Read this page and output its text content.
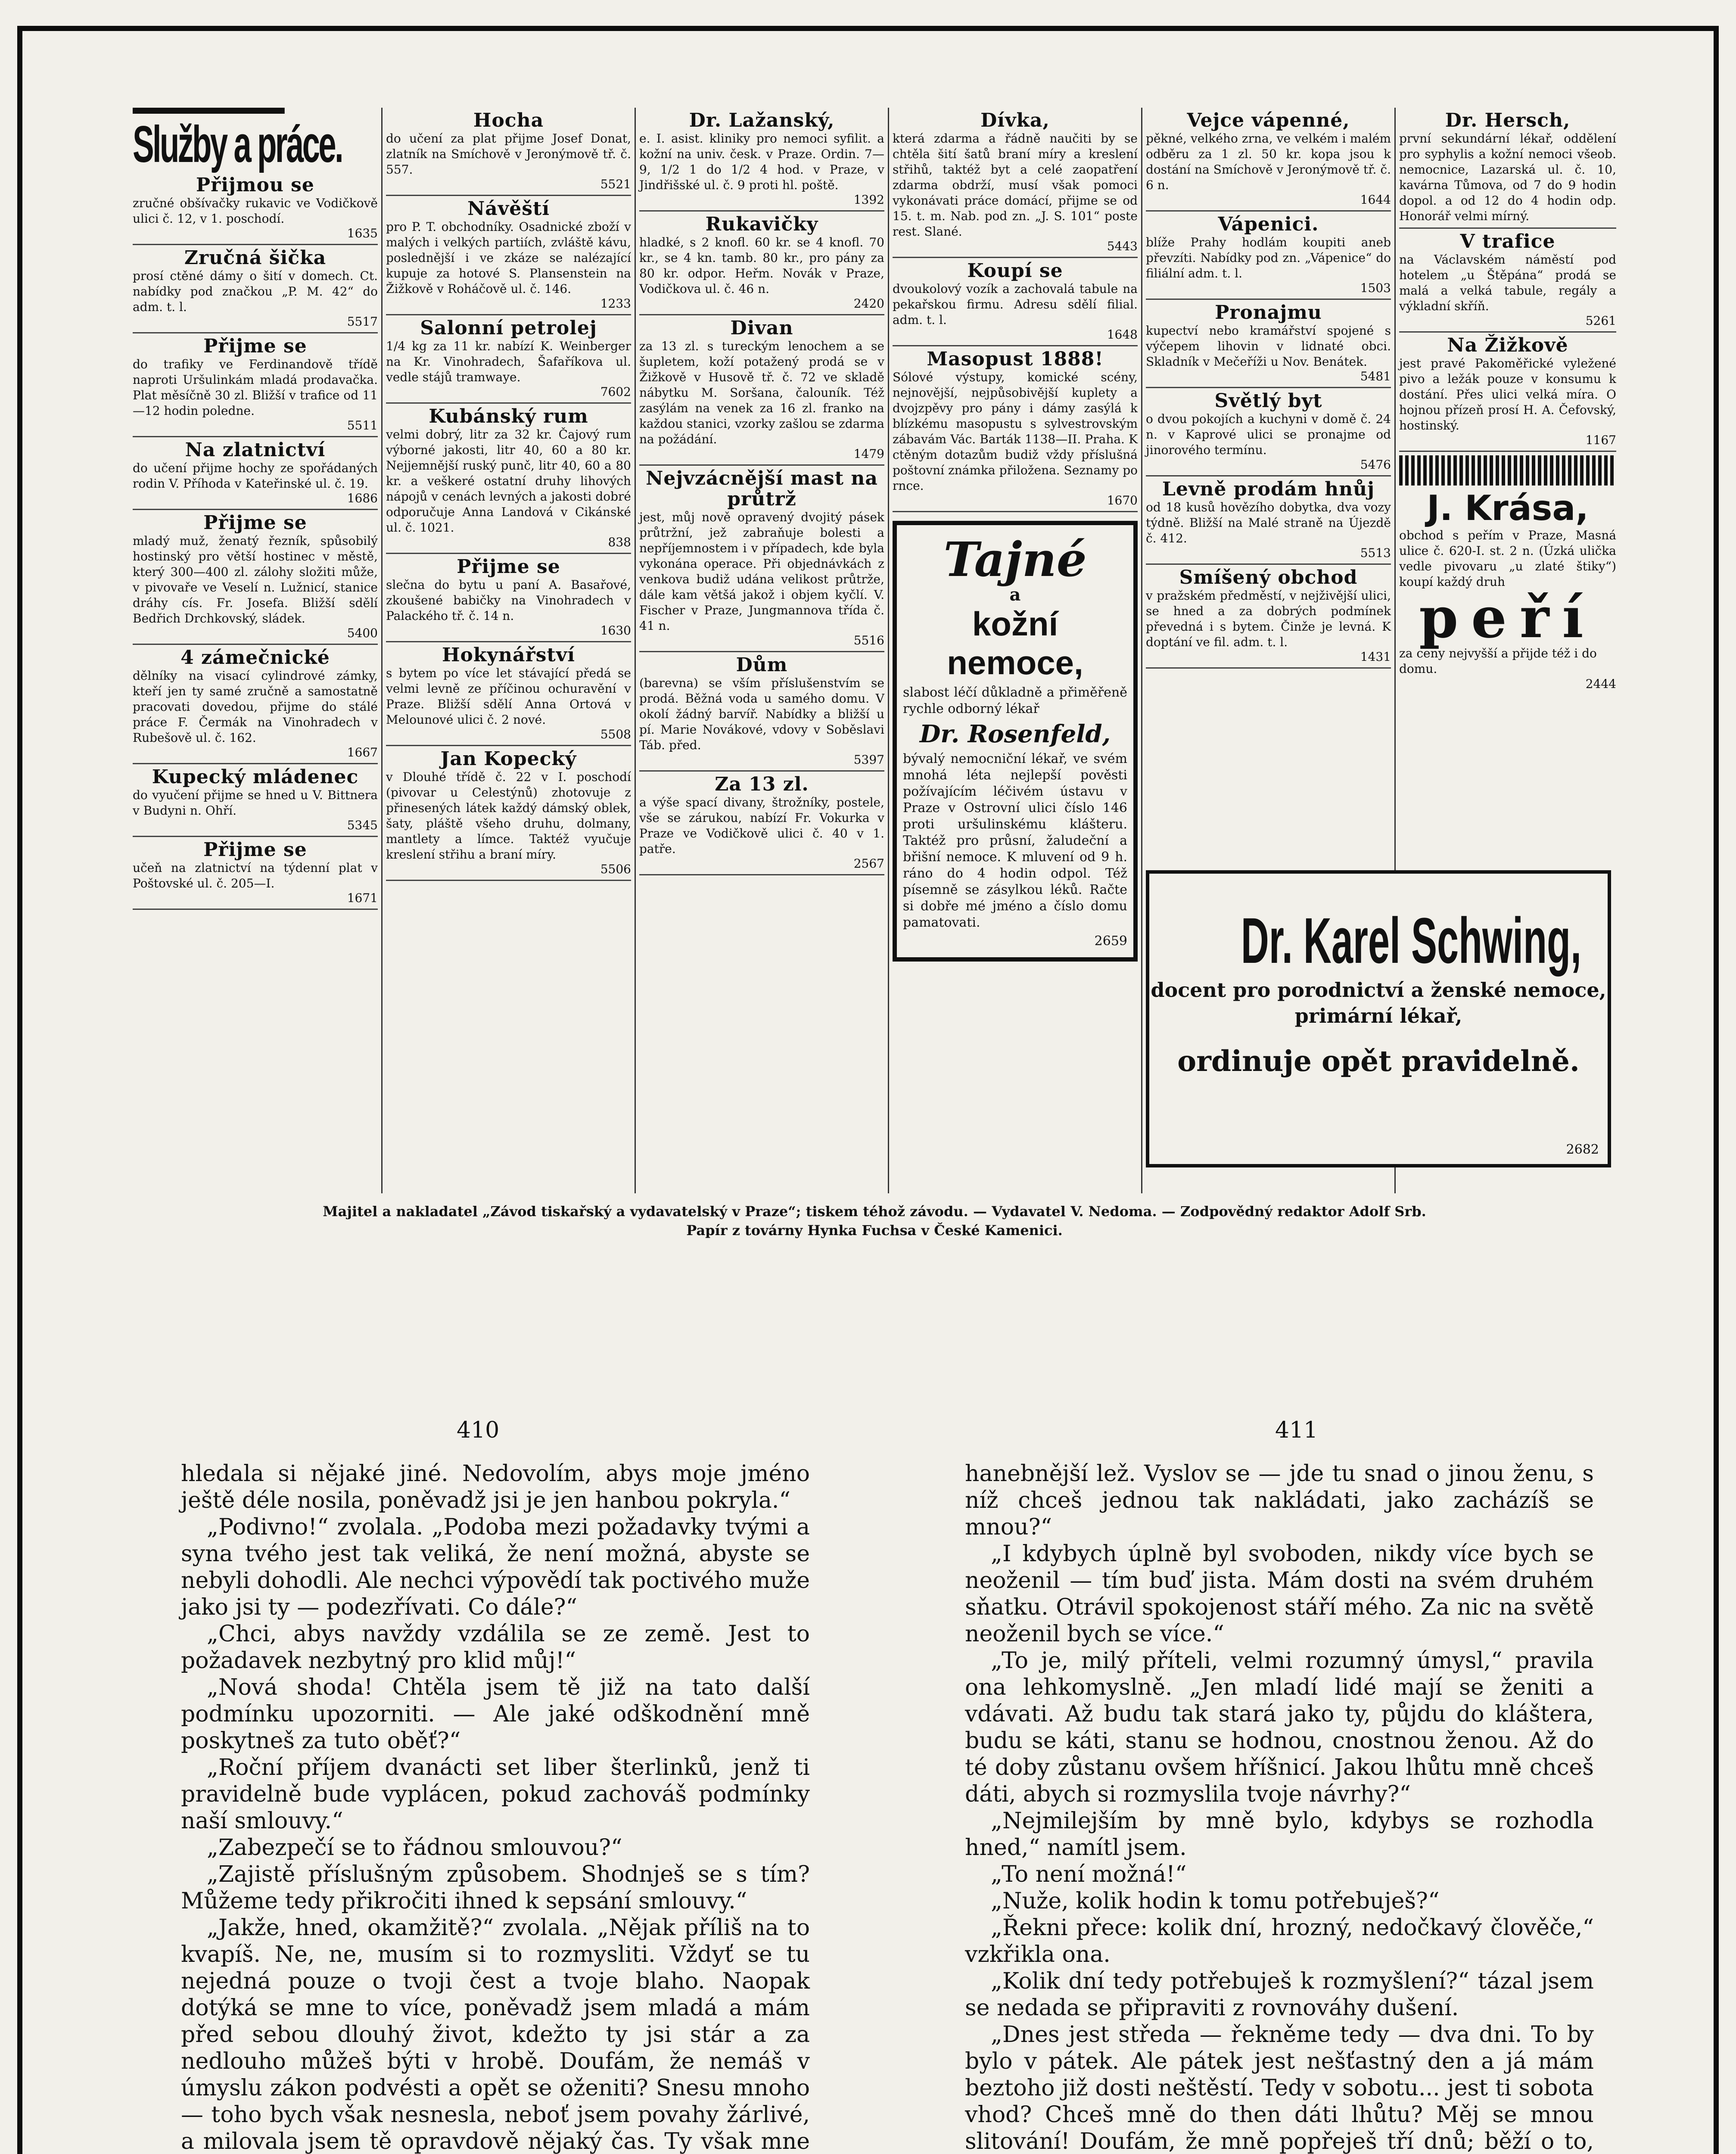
Služby a práce.
Přijmou se

zručné obšívačky rukavic ve Vodičkově ulici č. 12, v 1. poschodí.

1635
Zručná šička

prosí ctěné dámy o šití v domech. Ct. nabídky pod značkou „P. M. 42“ do adm. t. l.

5517
Přijme se

do trafiky ve Ferdinandově třídě naproti Uršulinkám mladá prodavačka. Plat měsíčně 30 zl. Bližší v trafice od 11—12 hodin poledne.

5511
Na zlatnictví

do učení přijme hochy ze spořádaných rodin V. Příhoda v Kateřinské ul. č. 19.

1686
Přijme se

mladý muž, ženatý řezník, spůsobilý hostinský pro větší hostinec v městě, který 300—400 zl. zálohy složiti může, v pivovaře ve Veselí n. Lužnicí, stanice dráhy cís. Fr. Josefa. Bližší sdělí Bedřich Drchkovský, sládek.

5400
4 zámečnické

dělníky na visací cylindrové zámky, kteří jen ty samé zručně a samostatně pracovati dovedou, přijme do stálé práce F. Čermák na Vinohradech v Rubešově ul. č. 162.

1667
Kupecký mládenec

do vyučení přijme se hned u V. Bittnera v Budyni n. Ohří.

5345
Přijme se

učeň na zlatnictví na týdenní plat v Poštovské ul. č. 205—I.

1671
Hocha

do učení za plat přijme Josef Donat, zlatník na Smíchově v Jeronýmově tř. č. 557.

5521
Návěští

pro P. T. obchodníky. Osadnické zboží v malých i velkých partiích, zvláště kávu, poslednější i ve zkáze se nalézající kupuje za hotové S. Plansenstein na Žižkově v Roháčově ul. č. 146.

1233
Salonní petrolej

1/4 kg za 11 kr. nabízí K. Weinberger na Kr. Vinohradech, Šafaříkova ul. vedle stájů tramwaye.

7602
Kubánský rum

velmi dobrý, litr za 32 kr. Čajový rum výborné jakosti, litr 40, 60 a 80 kr. Nejjemnější ruský punč, litr 40, 60 a 80 kr. a veškeré ostatní druhy lihových nápojů v cenách levných a jakosti dobré odporučuje Anna Landová v Cikánské ul. č. 1021.

838
Přijme se

slečna do bytu u paní A. Basařové, zkoušené babičky na Vinohradech v Palackého tř. č. 14 n.

1630
Hokynářství

s bytem po více let stávající předá se velmi levně ze příčinou ochuravění v Praze. Bližší sdělí Anna Ortová v Melounové ulici č. 2 nové.

5508
Jan Kopecký

v Dlouhé třídě č. 22 v I. poschodí (pivovar u Celestýnů) zhotovuje z přinesených látek každý dámský oblek, šaty, pláště všeho druhu, dolmany, mantlety a límce. Taktéž vyučuje kreslení střihu a braní míry.

5506
Dr. Lažanský,

e. I. asist. kliniky pro nemoci syfilit. a kožní na univ. česk. v Praze. Ordin. 7—9, 1/2 1 do 1/2 4 hod. v Praze, v Jindřišské ul. č. 9 proti hl. poště.

1392
Rukavičky

hladké, s 2 knofl. 60 kr. se 4 knofl. 70 kr., se 4 kn. tamb. 80 kr., pro pány za 80 kr. odpor. Heřm. Novák v Praze, Vodičkova ul. č. 46 n.

2420
Divan

za 13 zl. s tureckým lenochem a se šupletem, koží potažený prodá se v Žižkově v Husově tř. č. 72 ve skladě nábytku M. Soršana, čalouník. Též zasýlám na venek za 16 zl. franko na každou stanici, vzorky zašlou se zdarma na požádání.

1479
Nejvzácnější mast na průtrž

jest, můj nově opravený dvojitý pásek průtržní, jež zabraňuje bolesti a nepříjemnostem i v případech, kde byla vykonána operace. Při objednávkách z venkova budiž udána velikost průtrže, dále kam většá jakož i objem kyčlí. V. Fischer v Praze, Jungmannova třída č. 41 n.

5516
Dům

(barevna) se vším příslušenstvím se prodá. Běžná voda u samého domu. V okolí žádný barvíř. Nabídky a bližší u pí. Marie Novákové, vdovy v Soběslavi Táb. před.

5397
Za 13 zl.

a výše spací divany, štrožníky, postele, vše se zárukou, nabízí Fr. Vokurka v Praze ve Vodičkově ulici č. 40 v 1. patře.

2567
Dívka,

která zdarma a řádně naučiti by se chtěla šití šatů braní míry a kreslení střihů, taktéž byt a celé zaopatření zdarma obdrží, musí však pomoci vykonávati práce domácí, přijme se od 15. t. m. Nab. pod zn. „J. S. 101“ poste rest. Slané.

5443
Koupí se

dvoukolový vozík a zachovalá tabule na pekařskou firmu. Adresu sdělí filial. adm. t. l.

1648
Masopust 1888!

Sólové výstupy, komické scény, nejnovější, nejpůsobivější kuplety a dvojzpěvy pro pány i dámy zasýlá k blízkému masopustu s sylvestrovským zábavám Vác. Barták 1138—II. Praha. K ctěným dotazům budiž vždy příslušná poštovní známka přiložena. Seznamy po rnce.

1670
Tajné
a
kožní nemoce,

slabost léčí důkladně a přiměřeně rychle odborný lékař

Dr. Rosenfeld,

bývalý nemocniční lékař, ve svém mnohá léta nejlepší pověsti požívajícím léčivém ústavu v Praze v Ostrovní ulici číslo 146 proti uršulinskému klášteru. Taktéž pro průsní, žaludeční a břišní nemoce. K mluvení od 9 h. ráno do 4 hodin odpol. Též písemně se zásylkou léků. Račte si dobře mé jméno a číslo domu pamatovati.

2659
Vejce vápenné,

pěkné, velkého zrna, ve velkém i malém odběru za 1 zl. 50 kr. kopa jsou k dostání na Smíchově v Jeronýmově tř. č. 6 n.

1644
Vápenici.

blíže Prahy hodlám koupiti aneb převzíti. Nabídky pod zn. „Vápenice“ do filiální adm. t. l.

1503
Pronajmu

kupectví nebo kramářství spojené s výčepem lihovin v lidnaté obci. Skladník v Mečeříži u Nov. Benátek.

5481
Světlý byt

o dvou pokojích a kuchyni v domě č. 24 n. v Kaprové ulici se pronajme od jinorového termínu.

5476
Levně prodám hnůj

od 18 kusů hovězího dobytka, dva vozy týdně. Bližší na Malé straně na Újezdě č. 412.

5513
Smíšený obchod

v pražském předměstí, v nejživější ulici, se hned a za dobrých podmínek převedná i s bytem. Činže je levná. K doptání ve fil. adm. t. l.

1431
Dr. Hersch,

první sekundární lékař, oddělení pro syphylis a kožní nemoci všeob. nemocnice, Lazarská ul. č. 10, kavárna Tůmova, od 7 do 9 hodin dopol. a od 12 do 4 hodin odp. Honorář velmi mírný.

V trafice

na Václavském náměstí pod hotelem „u Štěpána“ prodá se malá a velká tabule, regály a výkladní skříň.

5261
Na Žižkově

jest pravé Pakoměřické vyležené pivo a ležák pouze v konsumu k dostání. Přes ulici velká míra. O hojnou přízeň prosí H. A. Čefovský, hostinský.

1167
J. Krása,

obchod s peřím v Praze, Masná ulice č. 620-I. st. 2 n. (Úzká ulička vedle pivovaru „u zlaté štiky“) koupí každý druh

peří

za ceny nejvyšší a přijde též i do domu.

2444
Dr. Karel Schwing,
docent pro porodnictví a ženské nemoce, primární lékař,
ordinuje opět pravidelně.
2682
Majitel a nakladatel „Závod tiskařský a vydavatelský v Praze“; tiskem téhož závodu. — Vydavatel V. Nedoma. — Zodpovědný redaktor Adolf Srb.
Papír z továrny Hynka Fuchsa v České Kamenici.
410	411

hledala si nějaké jiné. Nedovolím, abys moje jméno ještě déle nosila, poněvadž jsi je jen hanbou pokryla.“

„Podivno!“ zvolala. „Podoba mezi požadavky tvými a syna tvého jest tak veliká, že není možná, abyste se nebyli dohodli. Ale nechci výpovědí tak poctivého muže jako jsi ty — podezřívati. Co dále?“

„Chci, abys navždy vzdálila se ze země. Jest to požadavek nezbytný pro klid můj!“

„Nová shoda! Chtěla jsem tě již na tato další podmínku upozorniti. — Ale jaké odškodnění mně poskytneš za tuto oběť?“

„Roční příjem dvanácti set liber šterlinků, jenž ti pravidelně bude vyplácen, pokud zachováš podmínky naší smlouvy.“

„Zabezpečí se to řádnou smlouvou?“

„Zajistě příslušným způsobem. Shodnješ se s tím? Můžeme tedy přikročiti ihned k sepsání smlouvy.“

„Jakže, hned, okamžitě?“ zvolala. „Nějak příliš na to kvapíš. Ne, ne, musím si to rozmysliti. Vždyť se tu nejedná pouze o tvoji čest a tvoje blaho. Naopak dotýká se mne to více, poněvadž jsem mladá a mám před sebou dlouhý život, kdežto ty jsi stár a za nedlouho můžeš býti v hrobě. Doufám, že nemáš v úmyslu zákon podvésti a opět se oženiti? Snesu mnoho — toho bych však nesnesla, neboť jsem povahy žárlivé, a milovala jsem tě opravdově nějaký čas. Ty však mne

hanebnější lež. Vyslov se — jde tu snad o jinou ženu, s níž chceš jednou tak nakládati, jako zacházíš se mnou?“

„I kdybych úplně byl svoboden, nikdy více bych se neoženil — tím buď jista. Mám dosti na svém druhém sňatku. Otrávil spokojenost stáří mého. Za nic na světě neoženil bych se více.“

„To je, milý příteli, velmi rozumný úmysl,“ pravila ona lehkomyslně. „Jen mladí lidé mají se ženiti a vdávati. Až budu tak stará jako ty, půjdu do kláštera, budu se káti, stanu se hodnou, cnostnou ženou. Až do té doby zůstanu ovšem hříšnicí. Jakou lhůtu mně chceš dáti, abych si rozmyslila tvoje návrhy?“

„Nejmilejším by mně bylo, kdybys se rozhodla hned,“ namítl jsem.

„To není možná!“

„Nuže, kolik hodin k tomu potřebuješ?“

„Řekni přece: kolik dní, hrozný, nedočkavý člověče,“ vzkřikla ona.

„Kolik dní tedy potřebuješ k rozmyšlení?“ tázal jsem se nedada se připraviti z rovnováhy dušení.

„Dnes jest středa — řekněme tedy — dva dni. To by bylo v pátek. Ale pátek jest nešťastný den a já mám beztoho již dosti neštěstí. Tedy v sobotu... jest ti sobota vhod? Chceš mně do then dáti lhůtu? Měj se mnou slitování! Doufám, že mně popřeješ tří dnů; běží o to,
